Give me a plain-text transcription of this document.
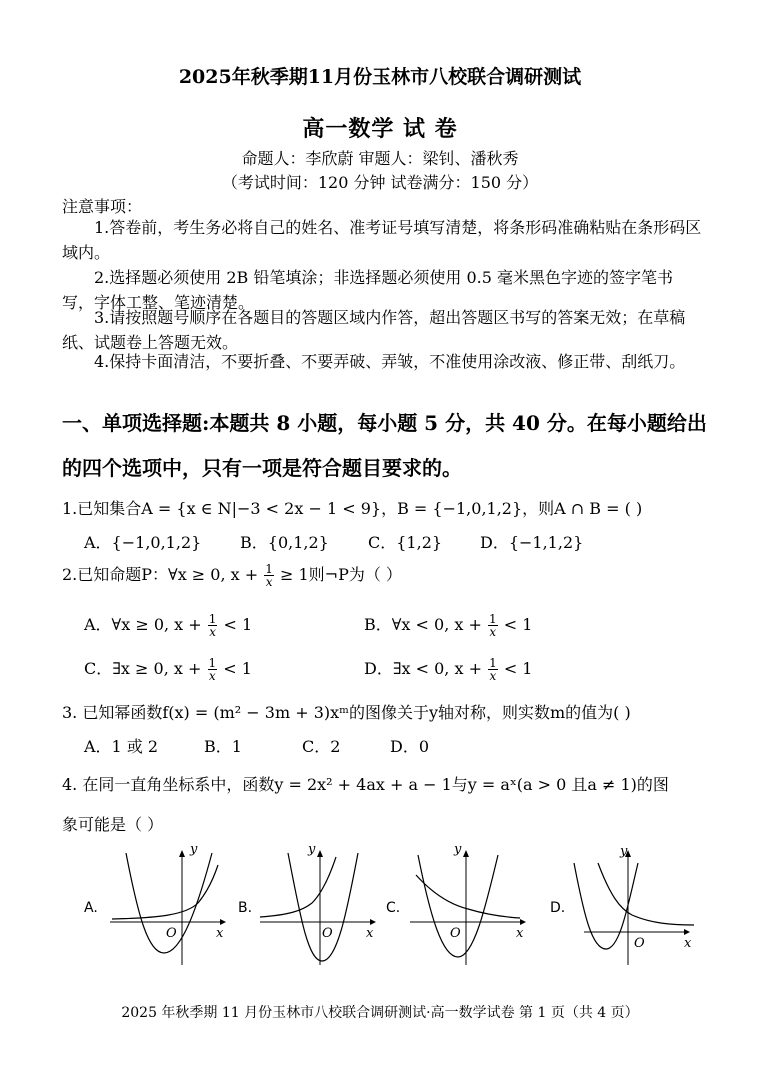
2025年秋季期11月份玉林市八校联合调研测试
高一数学 试 卷
命题人：李欣蔚 审题人：梁钊、潘秋秀
（考试时间：120 分钟 试卷满分：150 分）
注意事项：
1.答卷前，考生务必将自己的姓名、准考证号填写清楚，将条形码准确粘贴在条形码区域内。
2.选择题必须使用 2B 铅笔填涂；非选择题必须使用 0.5 毫米黑色字迹的签字笔书写，字体工整、笔迹清楚。
3.请按照题号顺序在各题目的答题区域内作答，超出答题区书写的答案无效；在草稿纸、试题卷上答题无效。
4.保持卡面清洁，不要折叠、不要弄破、弄皱，不准使用涂改液、修正带、刮纸刀。
一、单项选择题:本题共 8 小题，每小题 5 分，共 40 分。在每小题给出
的四个选项中，只有一项是符合题目要求的。
1.已知集合A = {x ∈ N|−3 < 2x − 1 < 9}，B = {−1,0,1,2}，则A ∩ B = ( )
A．{−1,0,1,2} B．{0,1,2} C．{1,2} D．{−1,1,2}
2.已知命题P：∀x ≥ 0, $x + \frac{1}{x} \ge 1$则¬P为（ ）
A．∀x ≥ 0, $x + \frac{1}{x} < 1$	B．∀x < 0, $x + \frac{1}{x} < 1$
C．∃x ≥ 0, $x + \frac{1}{x} < 1$	D．∃x < 0, $x + \frac{1}{x} < 1$
3. 已知幂函数f(x) = (m² − 3m + 3)xᵐ的图像关于y轴对称，则实数m的值为( )
A．1 或 2	B．1	C．2	D．0
4. 在同一直角坐标系中，函数y = 2x² + 4ax + a − 1与y = aˣ(a > 0 且a ≠ 1)的图
象可能是（ ）
A.	B.	C.	D.
y
x
O
y
x
O
y
x
O
y
x
O
2025 年秋季期 11 月份玉林市八校联合调研测试·高一数学试卷 第 1 页（共 4 页）
